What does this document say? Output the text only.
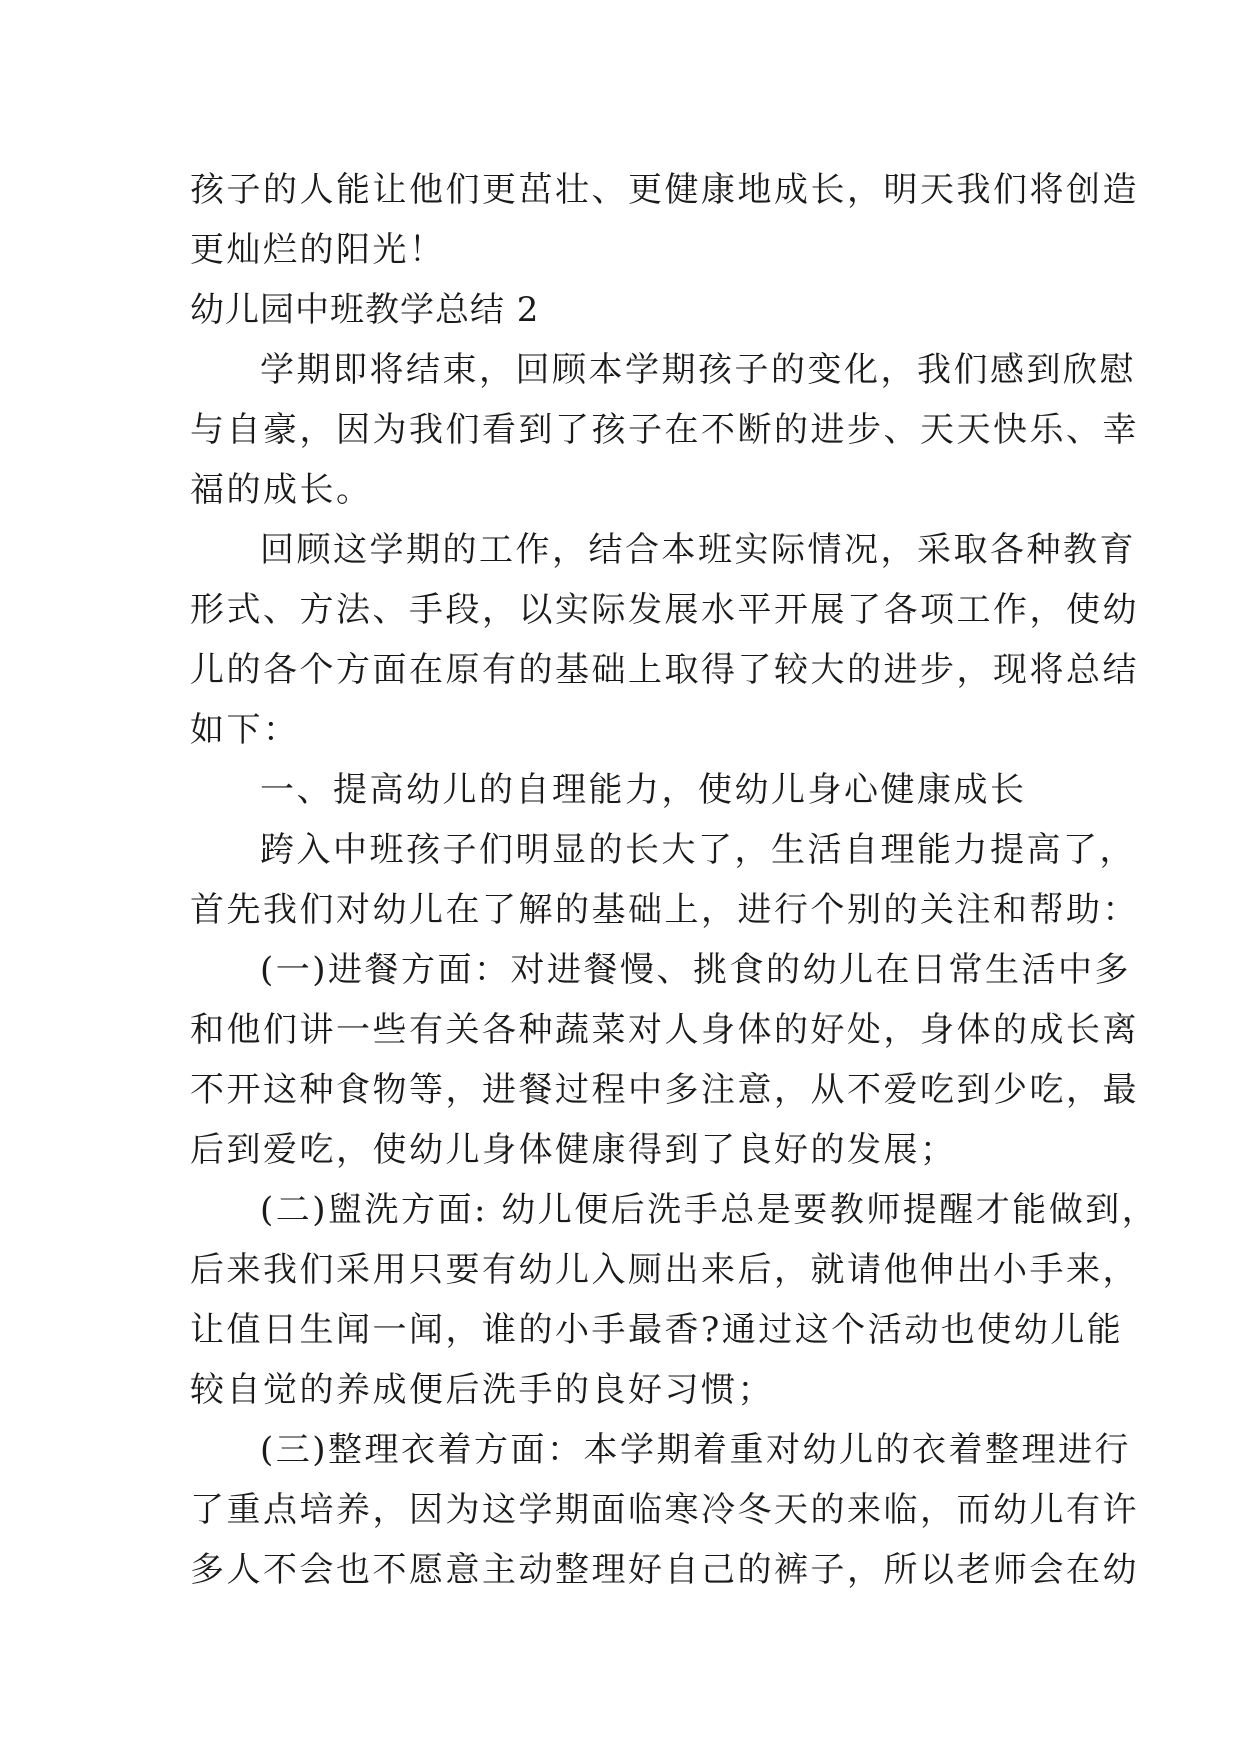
孩子的人能让他们更茁壮、更健康地成长，明天我们将创造
更灿烂的阳光！
幼儿园中班教学总结 2
学期即将结束，回顾本学期孩子的变化，我们感到欣慰
与自豪，因为我们看到了孩子在不断的进步、天天快乐、幸
福的成长。
回顾这学期的工作，结合本班实际情况，采取各种教育
形式、方法、手段，以实际发展水平开展了各项工作，使幼
儿的各个方面在原有的基础上取得了较大的进步，现将总结
如下：
一、提高幼儿的自理能力，使幼儿身心健康成长
跨入中班孩子们明显的长大了，生活自理能力提高了，
首先我们对幼儿在了解的基础上，进行个别的关注和帮助：
(一)进餐方面：对进餐慢、挑食的幼儿在日常生活中多
和他们讲一些有关各种蔬菜对人身体的好处，身体的成长离
不开这种食物等，进餐过程中多注意，从不爱吃到少吃，最
后到爱吃，使幼儿身体健康得到了良好的发展；
(二)盥洗方面: 幼儿便后洗手总是要教师提醒才能做到，
后来我们采用只要有幼儿入厕出来后，就请他伸出小手来，
让值日生闻一闻，谁的小手最香?通过这个活动也使幼儿能
较自觉的养成便后洗手的良好习惯；
(三)整理衣着方面：本学期着重对幼儿的衣着整理进行
了重点培养，因为这学期面临寒冷冬天的来临，而幼儿有许
多人不会也不愿意主动整理好自己的裤子，所以老师会在幼
